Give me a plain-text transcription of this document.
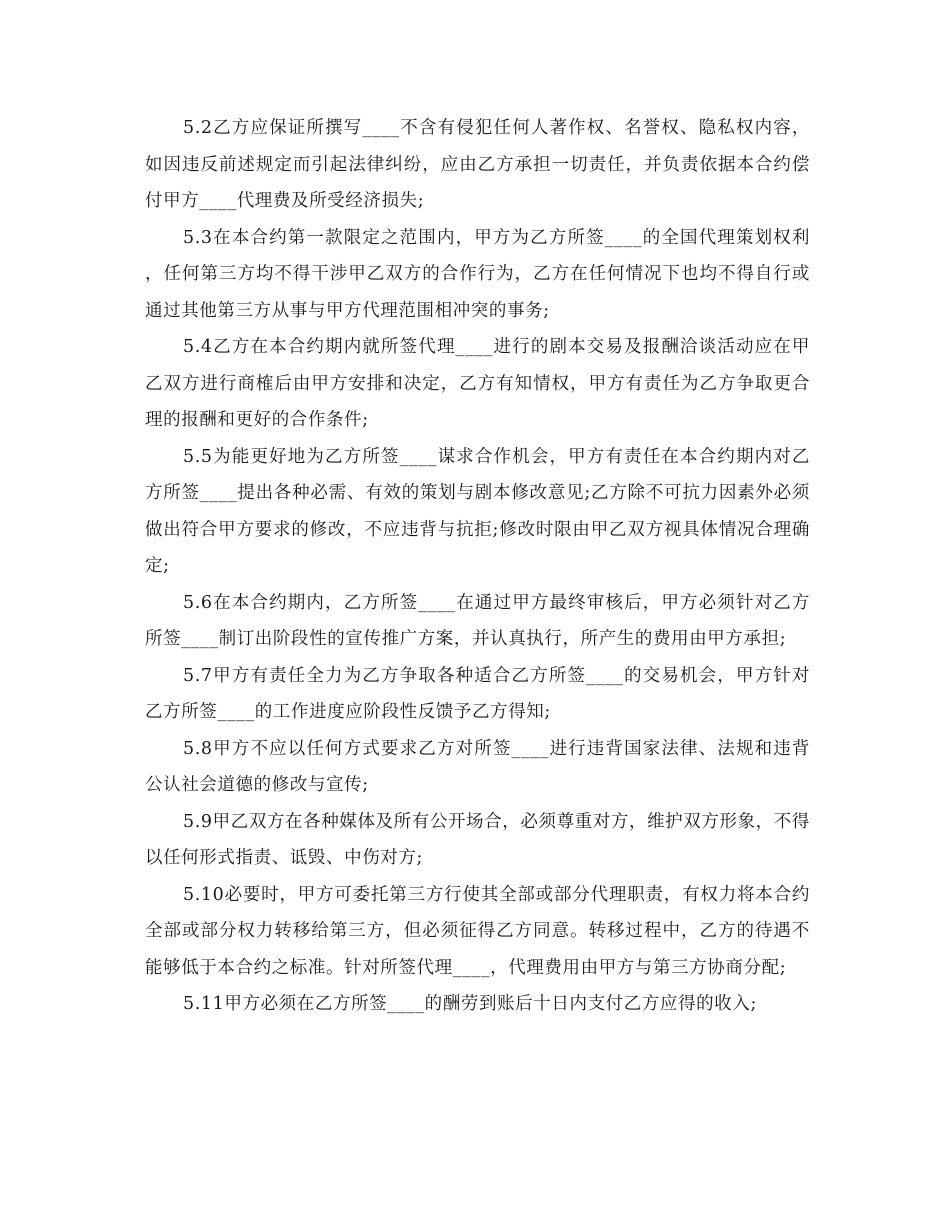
5.2乙方应保证所撰写____不含有侵犯任何人著作权、名誉权、隐私权内容，如因违反前述规定而引起法律纠纷，应由乙方承担一切责任，并负责依据本合约偿付甲方____代理费及所受经济损失;

5.3在本合约第一款限定之范围内，甲方为乙方所签____的全国代理策划权利，任何第三方均不得干涉甲乙双方的合作行为，乙方在任何情况下也均不得自行或通过其他第三方从事与甲方代理范围相冲突的事务;

5.4乙方在本合约期内就所签代理____进行的剧本交易及报酬洽谈活动应在甲乙双方进行商榷后由甲方安排和决定，乙方有知情权，甲方有责任为乙方争取更合理的报酬和更好的合作条件;

5.5为能更好地为乙方所签____谋求合作机会，甲方有责任在本合约期内对乙方所签____提出各种必需、有效的策划与剧本修改意见;乙方除不可抗力因素外必须做出符合甲方要求的修改，不应违背与抗拒;修改时限由甲乙双方视具体情况合理确定;

5.6在本合约期内，乙方所签____在通过甲方最终审核后，甲方必须针对乙方所签____制订出阶段性的宣传推广方案，并认真执行，所产生的费用由甲方承担;

5.7甲方有责任全力为乙方争取各种适合乙方所签____的交易机会，甲方针对乙方所签____的工作进度应阶段性反馈予乙方得知;

5.8甲方不应以任何方式要求乙方对所签____进行违背国家法律、法规和违背公认社会道德的修改与宣传;

5.9甲乙双方在各种媒体及所有公开场合，必须尊重对方，维护双方形象，不得以任何形式指责、诋毁、中伤对方;

5.10必要时，甲方可委托第三方行使其全部或部分代理职责，有权力将本合约全部或部分权力转移给第三方，但必须征得乙方同意。转移过程中，乙方的待遇不能够低于本合约之标准。针对所签代理____，代理费用由甲方与第三方协商分配;

5.11甲方必须在乙方所签____的酬劳到账后十日内支付乙方应得的收入;
